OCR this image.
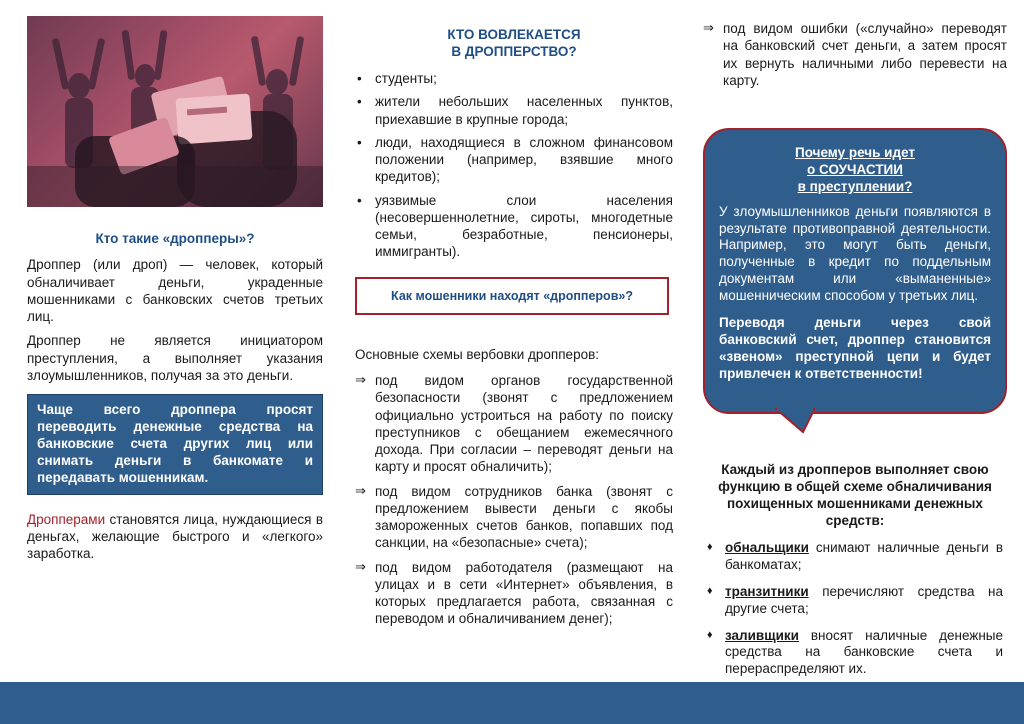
Кто такие «дропперы»?

Дроппер (или дроп) — человек, который обналичивает деньги, украденные мошенниками с банковских счетов третьих лиц.

Дроппер не является инициатором преступления, а выполняет указания злоумышленников, получая за это деньги.

Чаще всего дроппера просят переводить денежные средства на банковские счета других лиц или снимать деньги в банкомате и передавать мошенникам.

Дропперами становятся лица, нуждающиеся в деньгах, желающие быстрого и «легкого» заработка.

КТО ВОВЛЕКАЕТСЯ
В ДРОППЕРСТВО?
• студенты;
• жители небольших населенных пунктов, приехавшие в крупные города;
• люди, находящиеся в сложном финансовом положении (например, взявшие много кредитов);
• уязвимые слои населения (несовершеннолетние, сироты, многодетные семьи, безработные, пенсионеры, иммигранты).
Как мошенники находят «дропперов»?
Основные схемы вербовки дропперов:
⇒ под видом органов государственной безопасности (звонят с предложением официально устроиться на работу по поиску преступников с обещанием ежемесячного дохода. При согласии – переводят деньги на карту и просят обналичить);
⇒ под видом сотрудников банка (звонят с предложением вывести деньги с якобы замороженных счетов банков, попавших под санкции, на «безопасные» счета);
⇒ под видом работодателя (размещают на улицах и в сети «Интернет» объявления, в которых предлагается работа, связанная с переводом и обналичиванием денег);
⇒ под видом ошибки («случайно» переводят на банковский счет деньги, а затем просят их вернуть наличными либо перевести на карту.
Почему речь идет
о СОУЧАСТИИ
в преступлении?

У злоумышленников деньги появляются в результате противоправной деятельности. Например, это могут быть деньги, полученные в кредит по поддельным документам или «выманенные» мошенническим способом у третьих лиц.

Переводя деньги через свой банковский счет, дроппер становится «звеном» преступной цепи и будет привлечен к ответственности!

Каждый из дропперов выполняет свою функцию в общей схеме обналичивания похищенных мошенниками денежных средств:
♦ обнальщики снимают наличные деньги в банкоматах;
♦ транзитники перечисляют средства на другие счета;
♦ заливщики вносят наличные денежные средства на банковские счета и перераспределяют их.
